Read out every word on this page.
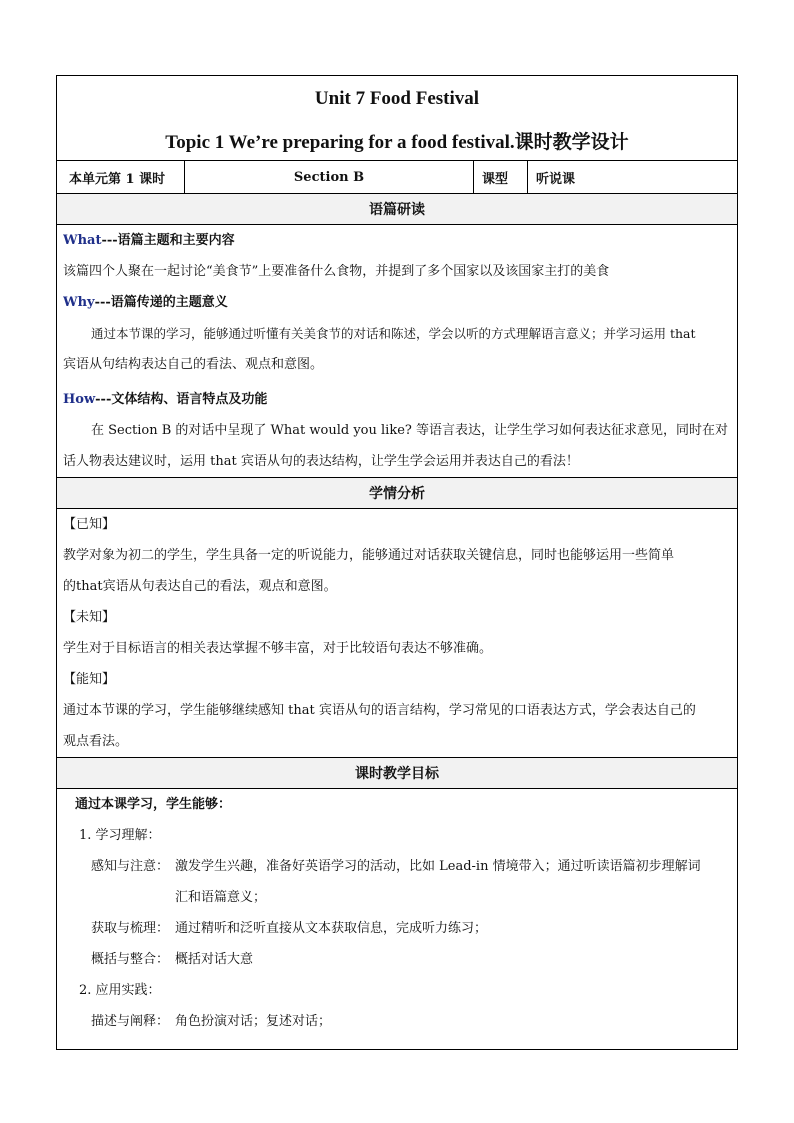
Unit 7 Food Festival
Topic 1 We’re preparing for a food festival.课时教学设计
本单元第 1 课时	Section B	课型	听说课
语篇研读
What---语篇主题和主要内容
该篇四个人聚在一起讨论“美食节”上要准备什么食物，并提到了多个国家以及该国家主打的美食
Why---语篇传递的主题意义
通过本节课的学习，能够通过听懂有关美食节的对话和陈述，学会以听的方式理解语言意义；并学习运用 that
宾语从句结构表达自己的看法、观点和意图。
How---文体结构、语言特点及功能
在 Section B 的对话中呈现了 What would you like? 等语言表达，让学生学习如何表达征求意见，同时在对
话人物表达建议时，运用 that 宾语从句的表达结构，让学生学会运用并表达自己的看法！
学情分析
【已知】
教学对象为初二的学生，学生具备一定的听说能力，能够通过对话获取关键信息，同时也能够运用一些简单
的that宾语从句表达自己的看法，观点和意图。
【未知】
学生对于目标语言的相关表达掌握不够丰富，对于比较语句表达不够准确。
【能知】
通过本节课的学习，学生能够继续感知 that 宾语从句的语言结构，学习常见的口语表达方式，学会表达自己的
观点看法。
课时教学目标
通过本课学习，学生能够：
1. 学习理解：
感知与注意： 激发学生兴趣，准备好英语学习的活动，比如 Lead-in 情境带入；通过听读语篇初步理解词
汇和语篇意义；
获取与梳理： 通过精听和泛听直接从文本获取信息，完成听力练习；
概括与整合： 概括对话大意
2. 应用实践：
描述与阐释： 角色扮演对话；复述对话；
